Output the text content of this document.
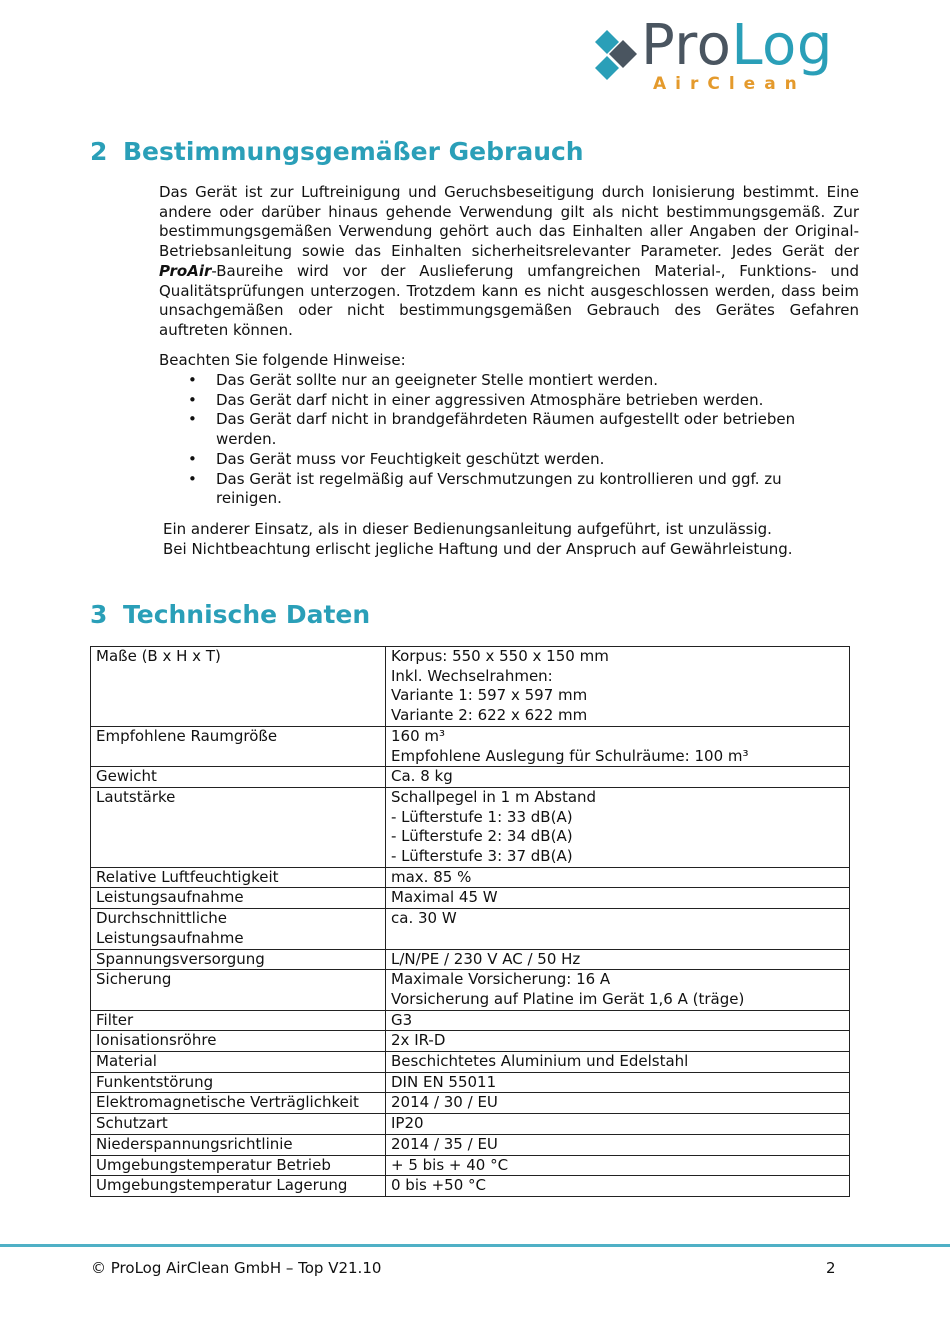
ProLog
AirClean
2 Bestimmungsgemäßer Gebrauch

Das Gerät ist zur Luftreinigung und Geruchsbeseitigung durch Ionisierung bestimmt. Eine andere oder darüber hinaus gehende Verwendung gilt als nicht bestimmungsgemäß. Zur bestimmungsgemäßen Verwendung gehört auch das Einhalten aller Angaben der Original-Betriebsanleitung sowie das Einhalten sicherheitsrelevanter Parameter. Jedes Gerät der ProAir-Baureihe wird vor der Auslieferung umfangreichen Material-, Funktions- und Qualitätsprüfungen unterzogen. Trotzdem kann es nicht ausgeschlossen werden, dass beim unsachgemäßen oder nicht bestimmungsgemäßen Gebrauch des Gerätes Gefahren auftreten können.

Beachten Sie folgende Hinweise:

• Das Gerät sollte nur an geeigneter Stelle montiert werden.
• Das Gerät darf nicht in einer aggressiven Atmosphäre betrieben werden.
• Das Gerät darf nicht in brandgefährdeten Räumen aufgestellt oder betrieben werden.
• Das Gerät muss vor Feuchtigkeit geschützt werden.
• Das Gerät ist regelmäßig auf Verschmutzungen zu kontrollieren und ggf. zu reinigen.

Ein anderer Einsatz, als in dieser Bedienungsanleitung aufgeführt, ist unzulässig.

Bei Nichtbeachtung erlischt jegliche Haftung und der Anspruch auf Gewährleistung.

3 Technische Daten
Maße (B x H x T)	Korpus: 550 x 550 x 150 mm
Inkl. Wechselrahmen:
Variante 1: 597 x 597 mm
Variante 2: 622 x 622 mm

Empfohlene Raumgröße	160 m³
Empfohlene Auslegung für Schulräume: 100 m³

Gewicht	Ca. 8 kg

Lautstärke	Schallpegel in 1 m Abstand
- Lüfterstufe 1: 33 dB(A)
- Lüfterstufe 2: 34 dB(A)
- Lüfterstufe 3: 37 dB(A)

Relative Luftfeuchtigkeit	max. 85 %

Leistungsaufnahme	Maximal 45 W

Durchschnittliche
Leistungsaufnahme	ca. 30 W

Spannungsversorgung	L/N/PE / 230 V AC / 50 Hz

Sicherung	Maximale Vorsicherung: 16 A
Vorsicherung auf Platine im Gerät 1,6 A (träge)

Filter	G3

Ionisationsröhre	2x IR-D

Material	Beschichtetes Aluminium und Edelstahl

Funkentstörung	DIN EN 55011

Elektromagnetische Verträglichkeit	2014 / 30 / EU

Schutzart	IP20

Niederspannungsrichtlinie	2014 / 35 / EU

Umgebungstemperatur Betrieb	+ 5 bis + 40 °C

Umgebungstemperatur Lagerung	0 bis +50 °C
© ProLog AirClean GmbH – Top V21.10	2
